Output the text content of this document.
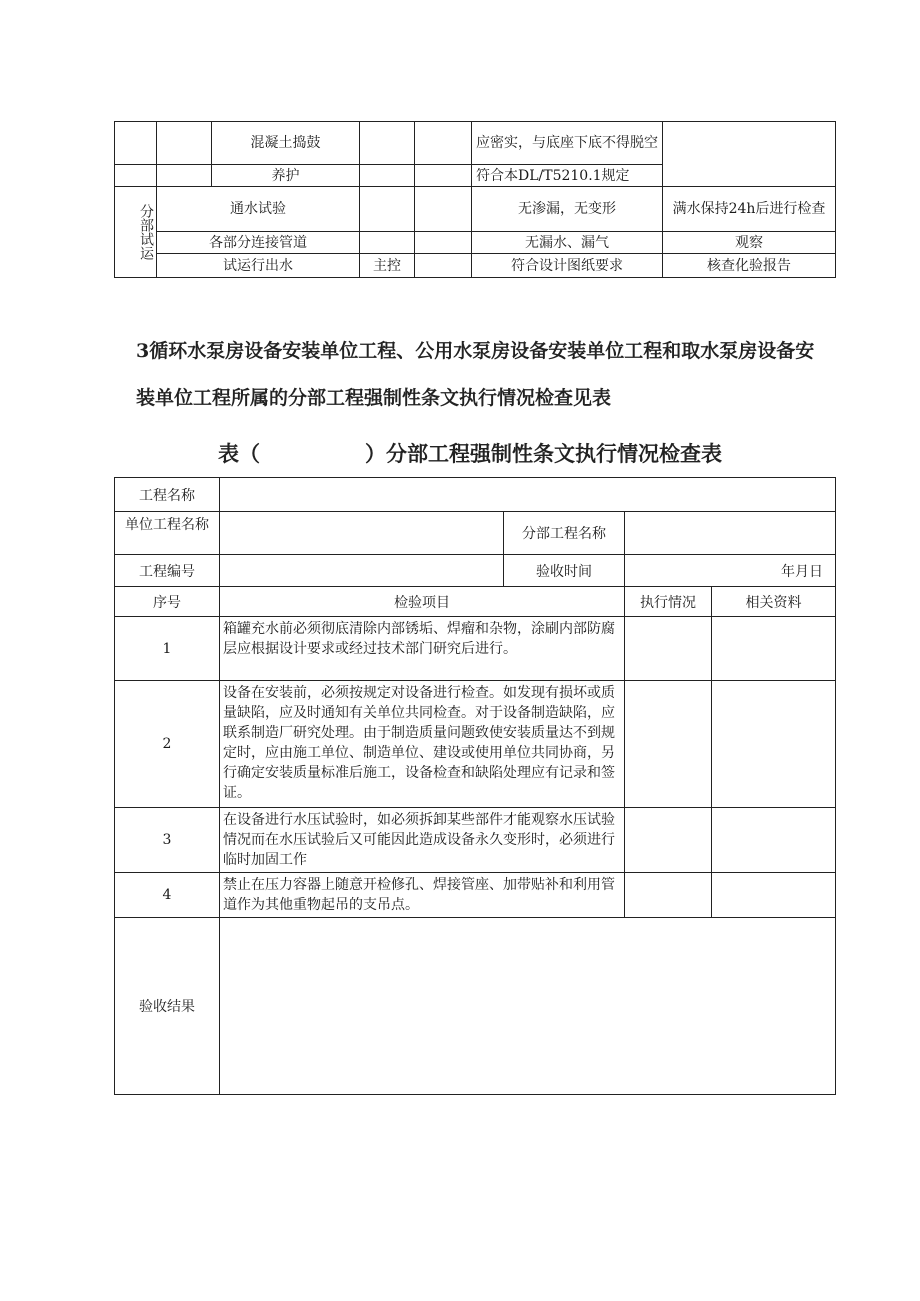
		混凝土捣鼓			应密实，与底座下底不得脱空	
		养护			符合本DL/T5210.1规定	
分部试运	通水试验				无渗漏，无变形	满水保持24h后进行检查
	各部分连接管道				无漏水、漏气	观察
	试运行出水		主控		符合设计图纸要求	核查化验报告
3循环水泵房设备安装单位工程、公用水泵房设备安装单位工程和取水泵房设备安
装单位工程所属的分部工程强制性条文执行情况检查见表
表（　　　　　）分部工程强制性条文执行情况检查表
工程名称				
单位工程名称		分部工程名称		
工程编号		验收时间	年月日	
序号	检验项目		执行情况	相关资料
1	箱罐充水前必须彻底清除内部锈垢、焊瘤和杂物，涂刷内部防腐层应根据设计要求或经过技术部门研究后进行。			
2	设备在安装前，必须按规定对设备进行检查。如发现有损坏或质量缺陷，应及时通知有关单位共同检查。对于设备制造缺陷，应联系制造厂研究处理。由于制造质量问题致使安装质量达不到规定时，应由施工单位、制造单位、建设或使用单位共同协商，另行确定安装质量标准后施工，设备检查和缺陷处理应有记录和签证。			
3	在设备进行水压试验时，如必须拆卸某些部件才能观察水压试验情况而在水压试验后又可能因此造成设备永久变形时，必须进行临时加固工作			
4	禁止在压力容器上随意开检修孔、焊接管座、加带贴补和利用管道作为其他重物起吊的支吊点。			
验收结果				
